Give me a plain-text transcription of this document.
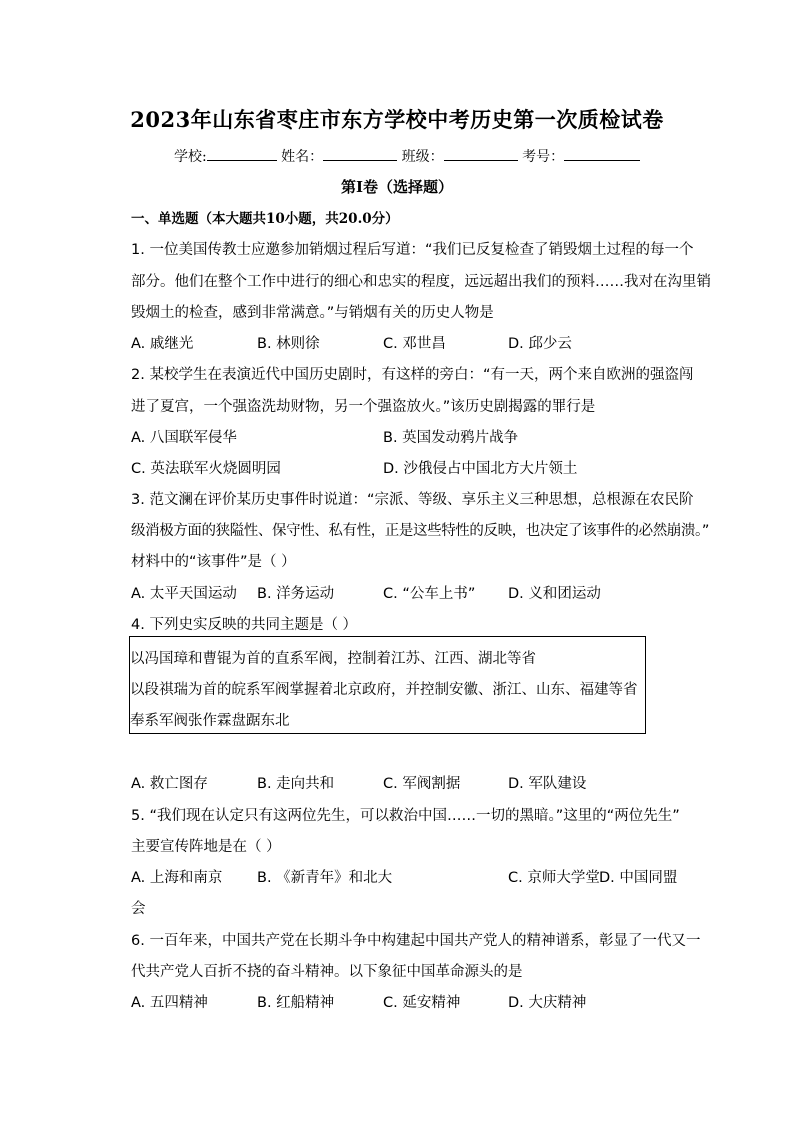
2023年山东省枣庄市东方学校中考历史第一次质检试卷
学校:	姓名：	班级：	考号：
第I卷（选择题）
一、单选题（本大题共10小题，共20.0分）
1. 一位美国传教士应邀参加销烟过程后写道：“我们已反复检查了销毁烟土过程的每一个
部分。他们在整个工作中进行的细心和忠实的程度，远远超出我们的预料……我对在沟里销
毁烟土的检查，感到非常满意。”与销烟有关的历史人物是
A. 戚继光	B. 林则徐	C. 邓世昌	D. 邱少云
2. 某校学生在表演近代中国历史剧时，有这样的旁白：“有一天，两个来自欧洲的强盗闯
进了夏宫，一个强盗洗劫财物，另一个强盗放火。”该历史剧揭露的罪行是
A. 八国联军侵华	B. 英国发动鸦片战争
C. 英法联军火烧圆明园	D. 沙俄侵占中国北方大片领土
3. 范文澜在评价某历史事件时说道：“宗派、等级、享乐主义三种思想，总根源在农民阶
级消极方面的狭隘性、保守性、私有性，正是这些特性的反映，也决定了该事件的必然崩溃。”
材料中的“该事件”是（ ）
A. 太平天国运动 B. 洋务运动	C. “公车上书” D. 义和团运动
4. 下列史实反映的共同主题是（ ）
以冯国璋和曹锟为首的直系军阀，控制着江苏、江西、湖北等省
以段祺瑞为首的皖系军阀掌握着北京政府，并控制安徽、浙江、山东、福建等省
奉系军阀张作霖盘踞东北
A. 救亡图存	B. 走向共和	C. 军阀割据	D. 军队建设
5. “我们现在认定只有这两位先生，可以救治中国……一切的黑暗。”这里的“两位先生”
主要宣传阵地是在（ ）
A. 上海和南京 B. 《新青年》和北大	C. 京师大学堂 D. 中国同盟
会
6. 一百年来，中国共产党在长期斗争中构建起中国共产党人的精神谱系，彰显了一代又一
代共产党人百折不挠的奋斗精神。以下象征中国革命源头的是
A. 五四精神	B. 红船精神	C. 延安精神	D. 大庆精神
